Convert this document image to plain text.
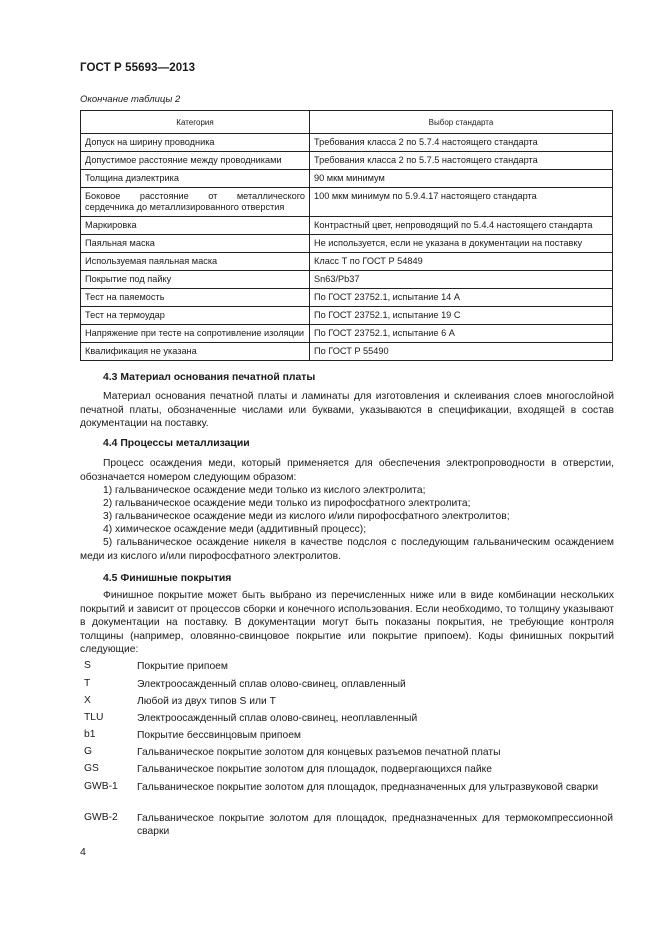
ГОСТ Р 55693—2013
Окончание таблицы 2
Категория	Выбор стандарта
Допуск на ширину проводника	Требования класса 2 по 5.7.4 настоящего стандарта
Допустимое расстояние между проводниками	Требования класса 2 по 5.7.5 настоящего стандарта
Толщина диэлектрика	90 мкм минимум
Боковое расстояние от металлического сердечника до металлизированного отверстия	100 мкм минимум по 5.9.4.17 настоящего стандарта
Маркировка	Контрастный цвет, непроводящий по 5.4.4 настоящего стандарта
Паяльная маска	Не используется, если не указана в документации на поставку
Используемая паяльная маска	Класс Т по ГОСТ Р 54849
Покрытие под пайку	Sn63/Pb37
Тест на паяемость	По ГОСТ 23752.1, испытание 14 А
Тест на термоудар	По ГОСТ 23752.1, испытание 19 С
Напряжение при тесте на сопротивление изоляции	По ГОСТ 23752.1, испытание 6 А
Квалификация не указана	По ГОСТ Р 55490
4.3 Материал основания печатной платы
Материал основания печатной платы и ламинаты для изготовления и склеивания слоев многослойной печатной платы, обозначенные числами или буквами, указываются в спецификации, входящей в состав документации на поставку.
4.4 Процессы металлизации
Процесс осаждения меди, который применяется для обеспечения электропроводности в отверстии, обозначается номером следующим образом:
1) гальваническое осаждение меди только из кислого электролита;
2) гальваническое осаждение меди только из пирофосфатного электролита;
3) гальваническое осаждение меди из кислого и/или пирофосфатного электролитов;
4) химическое осаждение меди (аддитивный процесс);
5) гальваническое осаждение никеля в качестве подслоя с последующим гальваническим осаждением меди из кислого и/или пирофосфатного электролитов.
4.5 Финишные покрытия
Финишное покрытие может быть выбрано из перечисленных ниже или в виде комбинации нескольких покрытий и зависит от процессов сборки и конечного использования. Если необходимо, то толщину указывают в документации на поставку. В документации могут быть показаны покрытия, не требующие контроля толщины (например, оловянно-свинцовое покрытие или покрытие припоем). Коды финишных покрытий следующие:
S	Покрытие припоем
T	Электроосажденный сплав олово-свинец, оплавленный
X	Любой из двух типов S или T
TLU	Электроосажденный сплав олово-свинец, неоплавленный
b1	Покрытие бессвинцовым припоем
G	Гальваническое покрытие золотом для концевых разъемов печатной платы
GS	Гальваническое покрытие золотом для площадок, подвергающихся пайке
GWB-1 Гальваническое покрытие золотом для площадок, предназначенных для ультразвуковой сварки
GWB-2 Гальваническое покрытие золотом для площадок, предназначенных для термокомпрессионной сварки
4
